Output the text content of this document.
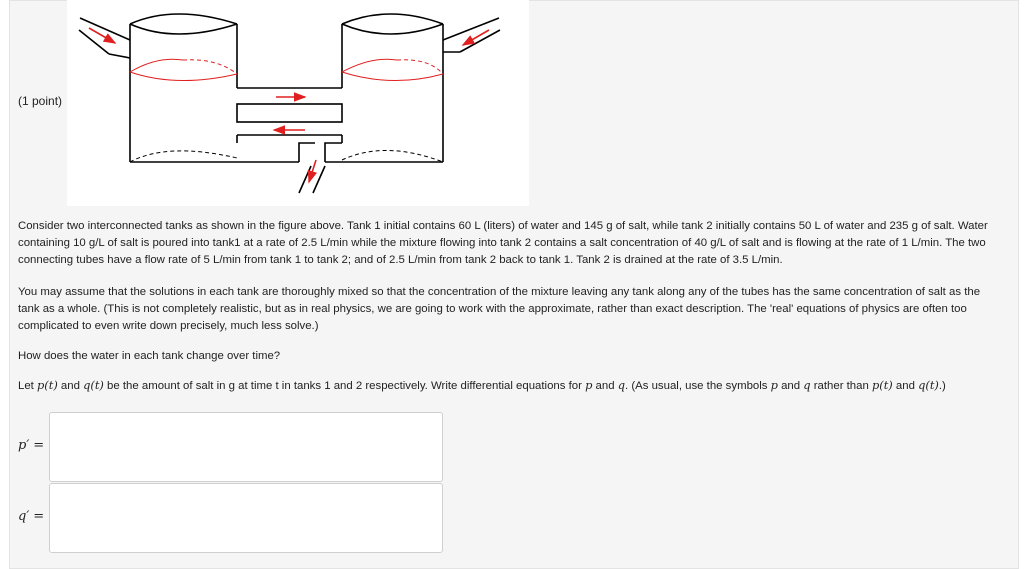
(1 point)

Consider two interconnected tanks as shown in the figure above. Tank 1 initial contains 60 L (liters) of water and 145 g of salt, while tank 2 initially contains 50 L of water and 235 g of salt. Water containing 10 g/L of salt is poured into tank1 at a rate of 2.5 L/min while the mixture flowing into tank 2 contains a salt concentration of 40 g/L of salt and is flowing at the rate of 1 L/min. The two connecting tubes have a flow rate of 5 L/min from tank 1 to tank 2; and of 2.5 L/min from tank 2 back to tank 1. Tank 2 is drained at the rate of 3.5 L/min.

You may assume that the solutions in each tank are thoroughly mixed so that the concentration of the mixture leaving any tank along any of the tubes has the same concentration of salt as the tank as a whole. (This is not completely realistic, but as in real physics, we are going to work with the approximate, rather than exact description. The 'real' equations of physics are often too complicated to even write down precisely, much less solve.)

How does the water in each tank change over time?

Let p(t) and q(t) be the amount of salt in g at time t in tanks 1 and 2 respectively. Write differential equations for p and q. (As usual, use the symbols p and q rather than p(t) and q(t).)

p′ =
q′ =
